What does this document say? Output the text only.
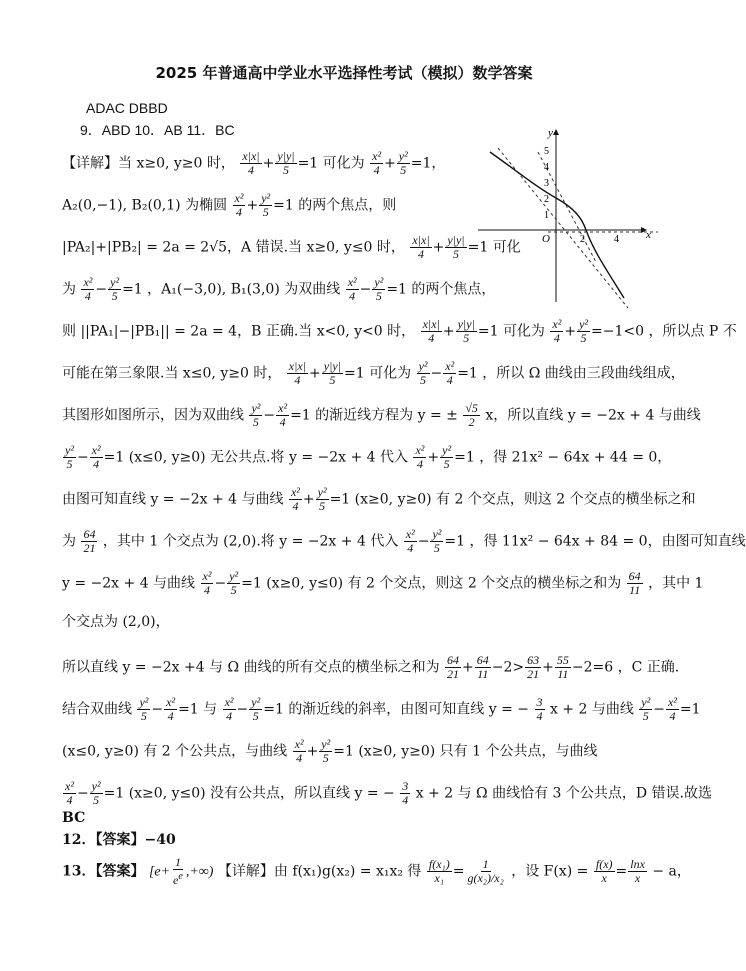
2025 年普通高中学业水平选择性考试（模拟）数学答案
ADAC DBBD
9．ABD 10．AB 11．BC
【详解】当 x≥0, y≥0 时， $\frac{x|x|}{4} + \frac{y|y|}{5} =1$ 可化为 $\frac{\text{x²}}{4} + \frac{\text{y²}}{5} =1$，
A₂(0,−1), B₂(0,1) 为椭圆 $\frac{\text{x²}}{4} + \frac{\text{y²}}{5} =1$ 的两个焦点，则
|PA₂|+|PB₂| = 2a = 2√5，A 错误.当 x≥0, y≤0 时， $\frac{x|x|}{4} + \frac{y|y|}{5} =1$ 可化
为 $\frac{\text{x²}}{4} - \frac{\text{y²}}{5} =1$ ，A₁(−3,0), B₁(3,0) 为双曲线 $\frac{\text{x²}}{4} - \frac{\text{y²}}{5} =1$ 的两个焦点，
则 ||PA₁|−|PB₁|| = 2a = 4，B 正确.当 x<0, y<0 时， $\frac{x|x|}{4} + \frac{y|y|}{5} =1$ 可化为 $\frac{\text{x²}}{4} + \frac{\text{y²}}{5} =-1<0$ ，所以点 P 不
可能在第三象限.当 x≤0, y≥0 时， $\frac{x|x|}{4} + \frac{y|y|}{5} =1$ 可化为 $\frac{\text{y²}}{5} - \frac{\text{x²}}{4} =1$ ，所以 Ω 曲线由三段曲线组成，
其图形如图所示，因为双曲线 $\frac{\text{y²}}{5} - \frac{\text{x²}}{4} =1$ 的渐近线方程为 y = ± $\frac{√5}{2}$ x，所以直线 y = −2x + 4 与曲线
$\frac{\text{y²}}{5} - \frac{\text{x²}}{4} =1$ (x≤0, y≥0) 无公共点.将 y = −2x + 4 代入 $\frac{\text{x²}}{4} + \frac{\text{y²}}{5} =1$ ，得 21x² − 64x + 44 = 0，
由图可知直线 y = −2x + 4 与曲线 $\frac{\text{x²}}{4} + \frac{\text{y²}}{5} =1$ (x≥0, y≥0) 有 2 个交点，则这 2 个交点的横坐标之和
为 $\frac{64}{21}$ ，其中 1 个交点为 (2,0).将 y = −2x + 4 代入 $\frac{\text{x²}}{4} - \frac{\text{y²}}{5} =1$ ，得 11x² − 64x + 84 = 0，由图可知直线
y = −2x + 4 与曲线 $\frac{\text{x²}}{4} - \frac{\text{y²}}{5} =1$ (x≥0, y≤0) 有 2 个交点，则这 2 个交点的横坐标之和为 $\frac{64}{11}$ ，其中 1
个交点为 (2,0)，
所以直线 y = −2x +4 与 Ω 曲线的所有交点的横坐标之和为 $\frac{64}{21} + \frac{64}{11} -2> \frac{63}{21} + \frac{55}{11} -2=6$ ，C 正确.
结合双曲线 $\frac{\text{y²}}{5} - \frac{\text{x²}}{4} =1$ 与 $\frac{\text{x²}}{4} - \frac{\text{y²}}{5} =1$ 的渐近线的斜率，由图可知直线 y = − $\frac{3}{4}$ x + 2 与曲线 $\frac{\text{y²}}{5} - \frac{\text{x²}}{4} =1$
(x≤0, y≥0) 有 2 个公共点，与曲线 $\frac{\text{x²}}{4} + \frac{\text{y²}}{5} =1$ (x≥0, y≥0) 只有 1 个公共点，与曲线
$\frac{\text{x²}}{4} - \frac{\text{y²}}{5} =1$ (x≥0, y≤0) 没有公共点，所以直线 y = − $\frac{3}{4}$ x + 2 与 Ω 曲线恰有 3 个公共点，D 错误.故选
BC
12．【答案】−40
13．【答案】 [$e+ \frac{1}{e^e}$ ,+∞) 【详解】由 f(x₁)g(x₂) = x₁x₂ 得 $\frac{\text{f(x₁)}}{\text{x₁}} = \frac{1}{\text{g(x₂)/x₂}}$ ，设 $F(x) = \frac{f(x)}{x} = \frac{\ln x}{x} - a$，
y
x
O
5
4
3
2
1
2	4
